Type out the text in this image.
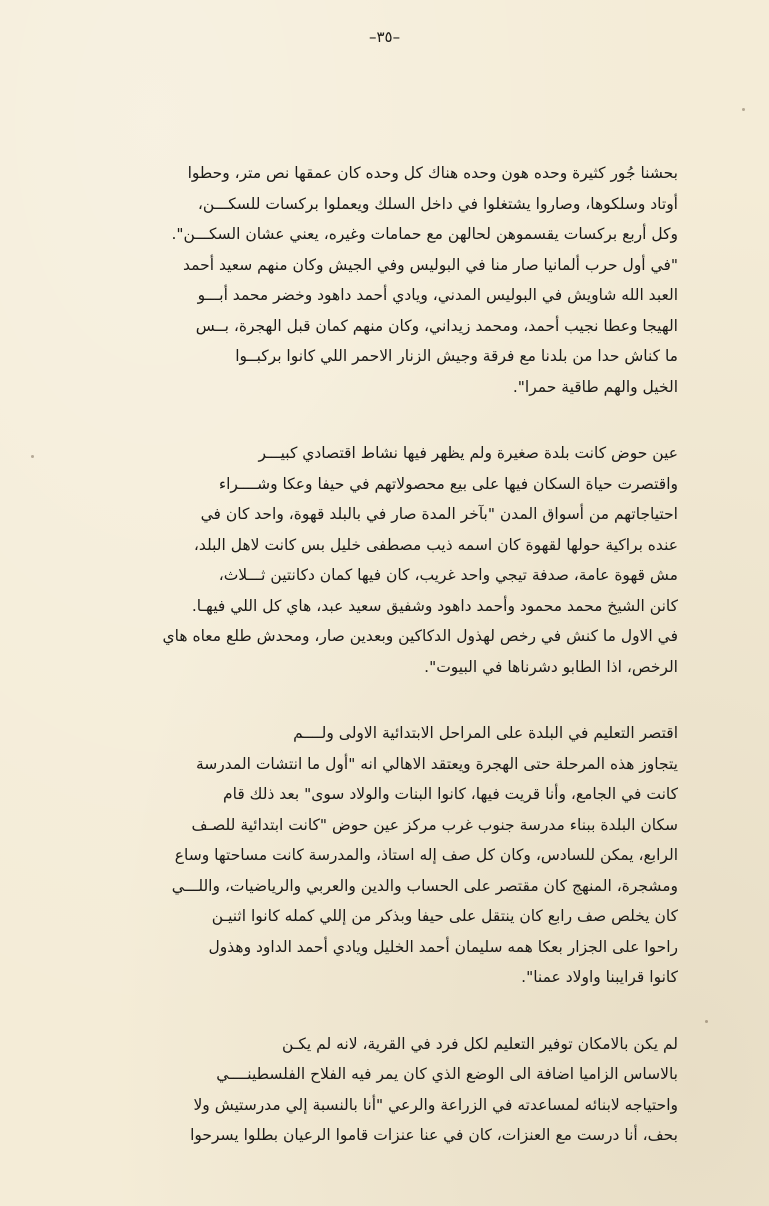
–٣٥–

بحشنا جُور كثيرة وحده هون وحده هناك كل وحده كان عمقها نص متر، وحطوا
أوتاد وسلكوها، وصاروا يشتغلوا في داخل السلك ويعملوا بركسات للسكـــن،
وكل أربع بركسات يقسموهن لحالهن مع حمامات وغيره، يعني عشان السكـــن".
"في أول حرب ألمانيا صار منا في البوليس وفي الجيش وكان منهم سعيد أحمد
العبد الله شاويش في البوليس المدني، ويادي أحمد داهود وخضر محمد أبـــو
الهيجا وعطا نجيب أحمد، ومحمد زيداني، وكان منهم كمان قبل الهجرة، بــس
ما كناش حدا من بلدنا مع فرقة وجيش الزنار الاحمر اللي كانوا بركبــوا
الخيل والهم طاقية حمرا".

عين حوض كانت بلدة صغيرة ولم يظهر فيها نشاط اقتصادي كبيـــر
واقتصرت حياة السكان فيها على بيع محصولاتهم في حيفا وعكا وشــــراء
احتياجاتهم من أسواق المدن "بآخر المدة صار في بالبلد قهوة، واحد كان في
عنده براكية حولها لقهوة كان اسمه ذيب مصطفى خليل بس كانت لاهل البلد،
مش قهوة عامة، صدفة تيجي واحد غريب، كان فيها كمان دكانتين ثـــلاث،
كانن الشيخ محمد محمود وأحمد داهود وشفيق سعيد عبد، هاي كل اللي فيهـا.
في الاول ما كنش في رخص لهذول الدكاكين وبعدين صار، ومحدش طلع معاه هاي
الرخص، اذا الطابو دشرناها في البيوت".

اقتصر التعليم في البلدة على المراحل الابتدائية الاولى ولــــم
يتجاوز هذه المرحلة حتى الهجرة ويعتقد الاهالي انه "أول ما انتشات المدرسة
كانت في الجامع، وأنا قريت فيها، كانوا البنات والولاد سوى" بعد ذلك قام
سكان البلدة ببناء مدرسة جنوب غرب مركز عين حوض "كانت ابتدائية للصـف
الرابع، يمكن للسادس، وكان كل صف إله استاذ، والمدرسة كانت مساحتها وساع
ومشجرة، المنهج كان مقتصر على الحساب والدين والعربي والرياضيات، واللـــي
كان يخلص صف رابع كان ينتقل على حيفا وبذكر من إللي كمله كانوا اثنيـن
راحوا على الجزار بعكا همه سليمان أحمد الخليل ويادي أحمد الداود وهذول
كانوا قرايبنا واولاد عمنا".

لم يكن بالامكان توفير التعليم لكل فرد في القرية، لانه لم يكـن
بالاساس الزاميا اضافة الى الوضع الذي كان يمر فيه الفلاح الفلسطينــــي
واحتياجه لابنائه لمساعدته في الزراعة والرعي "أنا بالنسبة إلي مدرستيش ولا
بحف، أنا درست مع العنزات، كان في عنا عنزات قاموا الرعيان بطلوا يسرحوا
